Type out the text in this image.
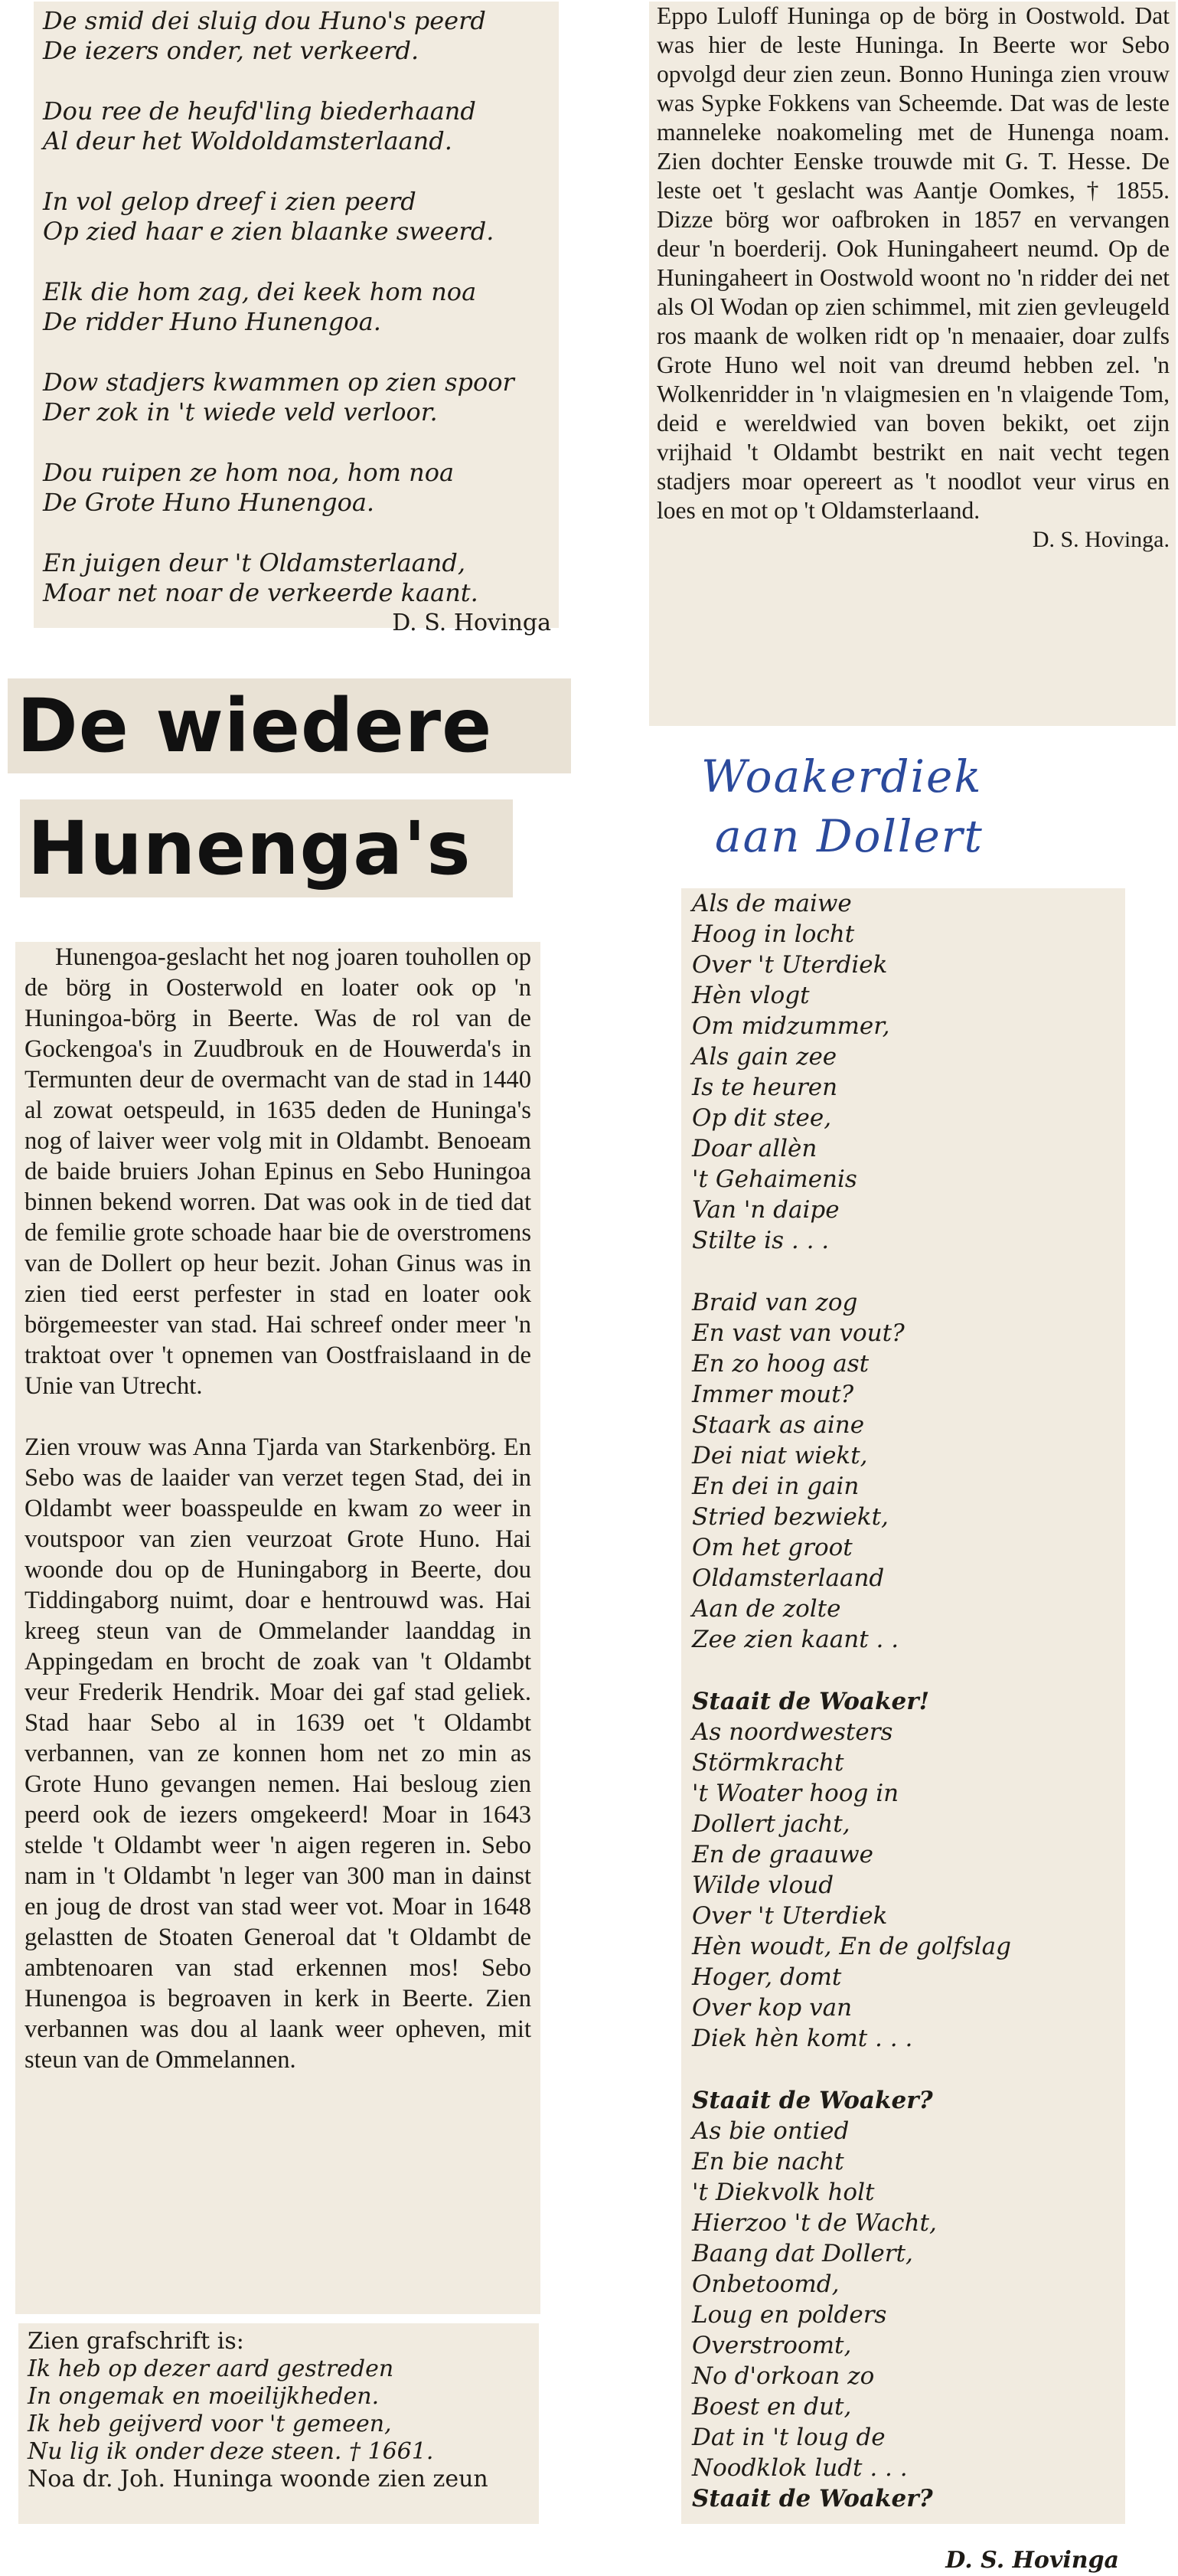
De smid dei sluig dou Huno's peerd
De iezers onder, net verkeerd.
Dou ree de heufd'ling biederhaand
Al deur het Woldoldamsterlaand.
In vol gelop dreef i zien peerd
Op zied haar e zien blaanke sweerd.
Elk die hom zag, dei keek hom noa
De ridder Huno Hunengoa.
Dow stadjers kwammen op zien spoor
Der zok in 't wiede veld verloor.
Dou ruipen ze hom noa, hom noa
De Grote Huno Hunengoa.
En juigen deur 't Oldamsterlaand,
Moar net noar de verkeerde kaant.
D. S. Hovinga
Eppo Luloff Huninga op de börg in Oostwold. Dat was hier de leste Huninga. In Beerte wor Sebo opvolgd deur zien zeun. Bonno Huninga zien vrouw was Sypke Fokkens van Scheemde. Dat was de leste manneleke noakomeling met de Hunenga noam. Zien dochter Eenske trouwde mit G. T. Hesse. De leste oet 't geslacht was Aantje Oomkes, † 1855. Dizze börg wor oafbroken in 1857 en vervangen deur 'n boerderij. Ook Huningaheert neumd. Op de Huningaheert in Oostwold woont no 'n ridder dei net als Ol Wodan op zien schimmel, mit zien gevleugeld ros maank de wolken ridt op 'n menaaier, doar zulfs Grote Huno wel noit van dreumd hebben zel. 'n Wolkenridder in 'n vlaigmesien en 'n vlaigende Tom, deid e wereldwied van boven bekikt, oet zijn vrijhaid 't Oldambt bestrikt en nait vecht tegen stadjers moar opereert as 't noodlot veur virus en loes en mot op 't Oldamsterlaand.
D. S. Hovinga.
De wiedere
Hunenga's

Hunengoa-geslacht het nog joaren touhollen op de börg in Oosterwold en loater ook op 'n Huningoa-börg in Beerte. Was de rol van de Gockengoa's in Zuudbrouk en de Houwerda's in Termunten deur de overmacht van de stad in 1440 al zowat oetspeuld, in 1635 deden de Huninga's nog of laiver weer volg mit in Oldambt. Benoeam de baide bruiers Johan Epinus en Sebo Huningoa binnen bekend worren. Dat was ook in de tied dat de femilie grote schoade haar bie de overstromens van de Dollert op heur bezit. Johan Ginus was in zien tied eerst perfester in stad en loater ook börgemeester van stad. Hai schreef onder meer 'n traktoat over 't opnemen van Oostfraislaand in de Unie van Utrecht.

Zien vrouw was Anna Tjarda van Starkenbörg. En Sebo was de laaider van verzet tegen Stad, dei in Oldambt weer boasspeulde en kwam zo weer in voutspoor van zien veurzoat Grote Huno. Hai woonde dou op de Huningaborg in Beerte, dou Tiddingaborg nuimt, doar e hentrouwd was. Hai kreeg steun van de Ommelander laanddag in Appingedam en brocht de zoak van 't Oldambt veur Frederik Hendrik. Moar dei gaf stad geliek. Stad haar Sebo al in 1639 oet 't Oldambt verbannen, van ze konnen hom net zo min as Grote Huno gevangen nemen. Hai besloug zien peerd ook de iezers omgekeerd! Moar in 1643 stelde 't Oldambt weer 'n aigen regeren in. Sebo nam in 't Oldambt 'n leger van 300 man in dainst en joug de drost van stad weer vot. Moar in 1648 gelastten de Stoaten Generoal dat 't Oldambt de ambtenoaren van stad erkennen mos! Sebo Hunengoa is begroaven in kerk in Beerte. Zien verbannen was dou al laank weer opheven, mit steun van de Ommelannen.

Zien grafschrift is:
Ik heb op dezer aard gestreden
In ongemak en moeilijkheden.
Ik heb geijverd voor 't gemeen,
Nu lig ik onder deze steen. † 1661.
Noa dr. Joh. Huninga woonde zien zeun
Woakerdiek
aan Dollert
Als de maiwe
Hoog in locht
Over 't Uterdiek
Hèn vlogt
Om midzummer,
Als gain zee
Is te heuren
Op dit stee,
Doar allèn
't Gehaimenis
Van 'n daipe
Stilte is . . .
Braid van zog
En vast van vout?
En zo hoog ast
Immer mout?
Staark as aine
Dei niat wiekt,
En dei in gain
Stried bezwiekt,
Om het groot
Oldamsterlaand
Aan de zolte
Zee zien kaant . .
Staait de Woaker!
As noordwesters
Störmkracht
't Woater hoog in
Dollert jacht,
En de graauwe
Wilde vloud
Over 't Uterdiek
Hèn woudt, En de golfslag
Hoger, domt
Over kop van
Diek hèn komt . . .
Staait de Woaker?
As bie ontied
En bie nacht
't Diekvolk holt
Hierzoo 't de Wacht,
Baang dat Dollert,
Onbetoomd,
Loug en polders
Overstroomt,
No d'orkoan zo
Boest en dut,
Dat in 't loug de
Noodklok ludt . . .
Staait de Woaker?
D. S. Hovinga
